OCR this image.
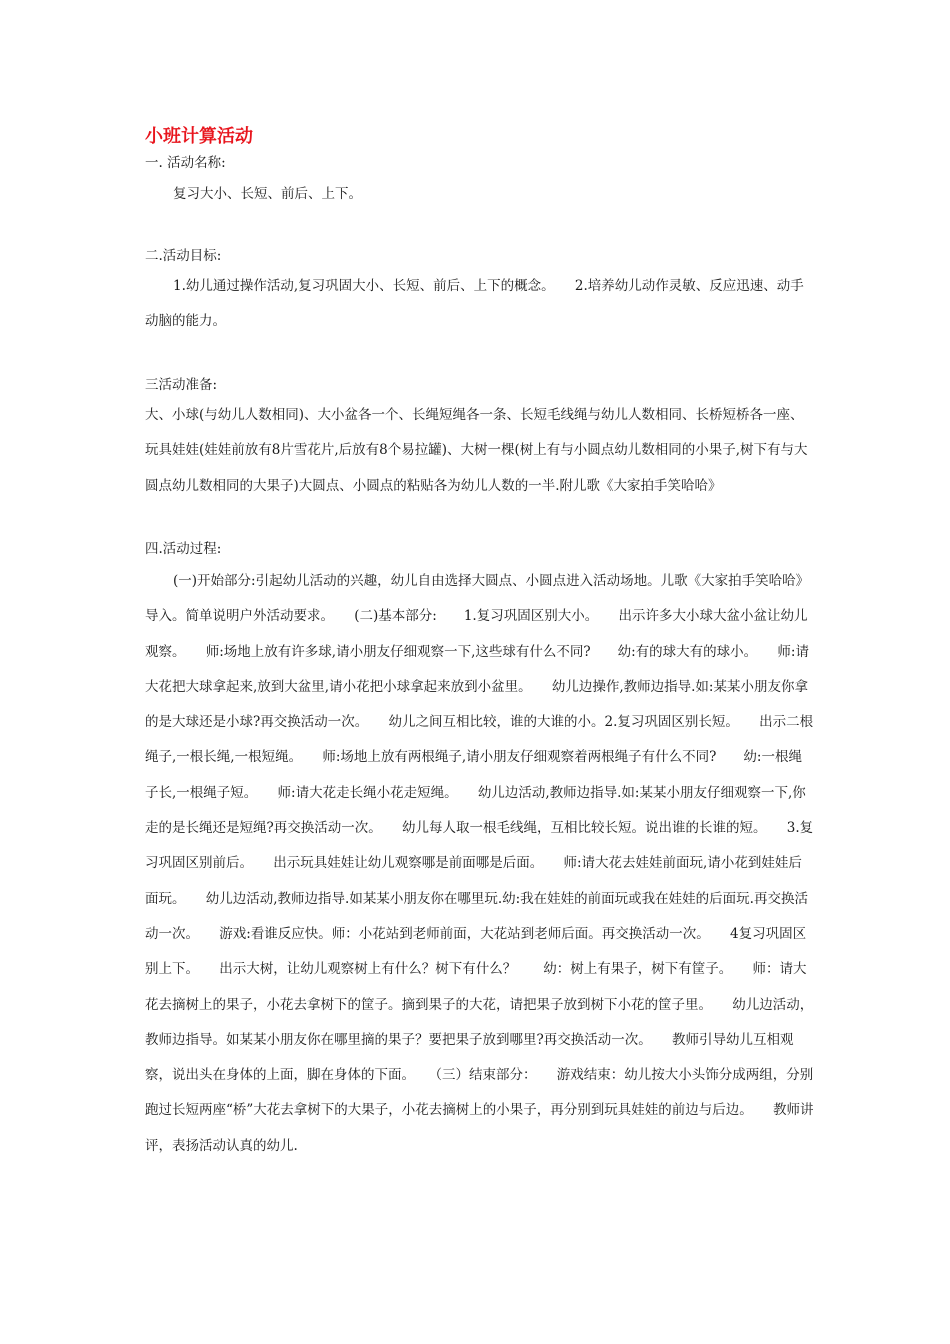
小班计算活动

一. 活动名称:

复习大小、长短、前后、上下。

二.活动目标:

1.幼儿通过操作活动,复习巩固大小、长短、前后、上下的概念。　　2.培养幼儿动作灵敏、反应迅速、动手动脑的能力。

三活动准备:

大、小球(与幼儿人数相同)、大小盆各一个、长绳短绳各一条、长短毛线绳与幼儿人数相同、长桥短桥各一座、玩具娃娃(娃娃前放有8片雪花片,后放有8个易拉罐)、大树一棵(树上有与小圆点幼儿数相同的小果子,树下有与大圆点幼儿数相同的大果子)大圆点、小圆点的粘贴各为幼儿人数的一半.附儿歌《大家拍手笑哈哈》

四.活动过程:

(一)开始部分:引起幼儿活动的兴趣，幼儿自由选择大圆点、小圆点进入活动场地。儿歌《大家拍手笑哈哈》导入。简单说明户外活动要求。　　(二)基本部分:　　1.复习巩固区别大小。　　出示许多大小球大盆小盆让幼儿观察。　　师:场地上放有许多球,请小朋友仔细观察一下,这些球有什么不同?　　幼:有的球大有的球小。　　师:请大花把大球拿起来,放到大盆里,请小花把小球拿起来放到小盆里。　　幼儿边操作,教师边指导.如:某某小朋友你拿的是大球还是小球?再交换活动一次。　　幼儿之间互相比较，谁的大谁的小。2.复习巩固区别长短。　　出示二根绳子,一根长绳,一根短绳。　　师:场地上放有两根绳子,请小朋友仔细观察着两根绳子有什么不同?　　幼:一根绳子长,一根绳子短。　　师:请大花走长绳小花走短绳。　　幼儿边活动,教师边指导.如:某某小朋友仔细观察一下,你走的是长绳还是短绳?再交换活动一次。　　幼儿每人取一根毛线绳，互相比较长短。说出谁的长谁的短。　　3.复习巩固区别前后。　　出示玩具娃娃让幼儿观察哪是前面哪是后面。　　师:请大花去娃娃前面玩,请小花到娃娃后面玩。　　幼儿边活动,教师边指导.如某某小朋友你在哪里玩.幼:我在娃娃的前面玩或我在娃娃的后面玩.再交换活动一次。　　游戏:看谁反应快。师：小花站到老师前面，大花站到老师后面。再交换活动一次。　　4复习巩固区别上下。　　出示大树，让幼儿观察树上有什么？树下有什么？　　幼：树上有果子，树下有筐子。　　师：请大花去摘树上的果子，小花去拿树下的筐子。摘到果子的大花，请把果子放到树下小花的筐子里。　　幼儿边活动，教师边指导。如某某小朋友你在哪里摘的果子？要把果子放到哪里?再交换活动一次。　　教师引导幼儿互相观察，说出头在身体的上面，脚在身体的下面。　　（三）结束部分：　　游戏结束：幼儿按大小头饰分成两组，分别跑过长短两座“桥”大花去拿树下的大果子，小花去摘树上的小果子，再分别到玩具娃娃的前边与后边。　　教师讲评，表扬活动认真的幼儿.
